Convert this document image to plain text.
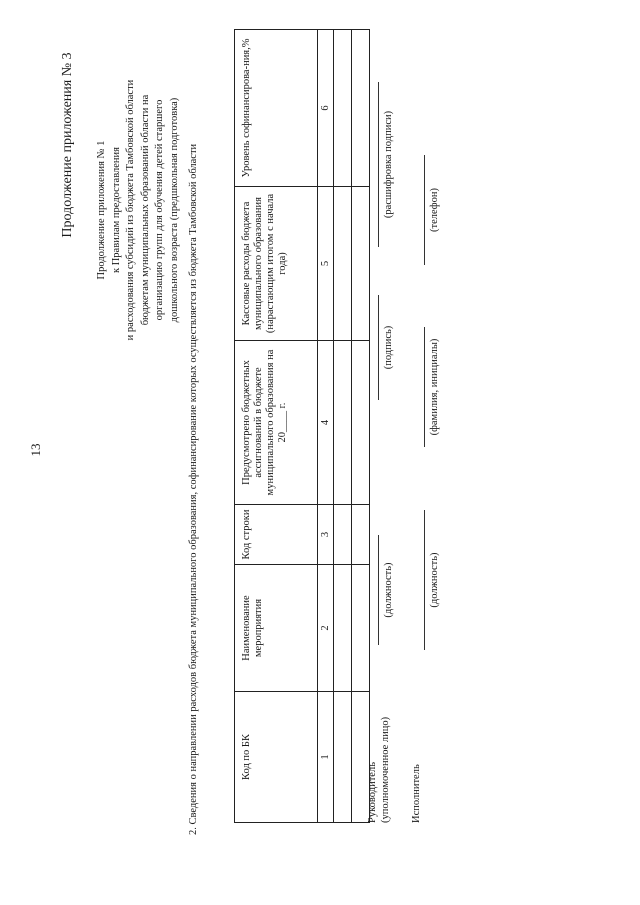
13
Продолжение приложения № 3 Продолжение приложения № 1 к Правилам предоставления и расходования субсидий из бюджета Тамбовской области бюджетам муниципальных образований области на организацию групп для обучения детей старшего дошкольного возраста (предшкольная подготовка) 2. Сведения о направлении расходов бюджета муниципального образования, софинансирование которых осуществляется из бюджета Тамбовской области	Код по БК	Наименование мероприятия	Код строки	Предусмотрено бюджетных ассигнований в бюджете муниципального образования на 20____ г.	Кассовые расходы бюджета муниципального образования (нарастающим итогом с начала года)	Уровень софинансирова-ния,%
1	2	3	4	5	6

Руководитель (уполномоченное лицо)
(должность)
(подпись)
(расшифровка подписи)
Исполнитель
(должность)
(фамилия, инициалы)
(телефон)
